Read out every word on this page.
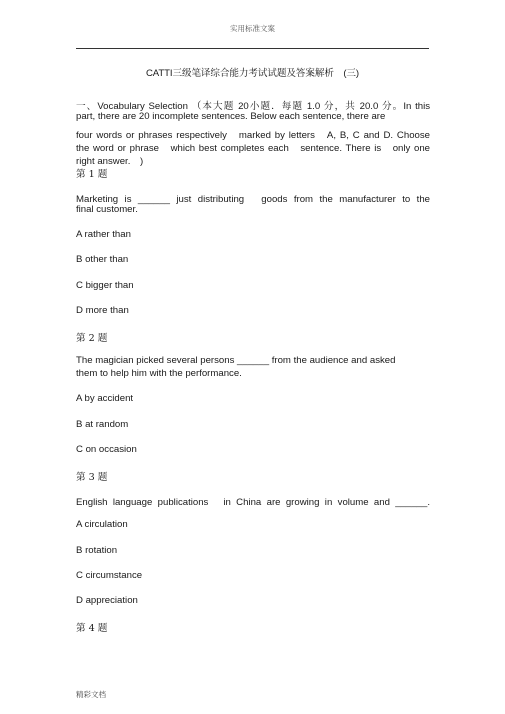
实用标准文案
CATTI三级笔译综合能力考试试题及答案解析　(三)
一、Vocabulary Selection （本大题 20小题．每题 1.0 分，共 20.0 分。In this
part, there are 20 incomplete sentences. Below each sentence, there are
four words or phrases respectively　marked by letters　A, B, C and D. Choose
the word or phrase　which best completes each　sentence. There is　only one
right answer.　)
第 1 题
Marketing is ______ just distributing　goods from the manufacturer to the
final customer.
A rather than
B other than
C bigger than
D more than
第 2 题
The magician picked several persons ______ from the audience and asked
them to help him with the performance.
A by accident
B at random
C on occasion
第 3 题
English language publications　in China are growing in volume and ______.
A circulation
B rotation
C circumstance
D appreciation
第 4 题
精彩文档
